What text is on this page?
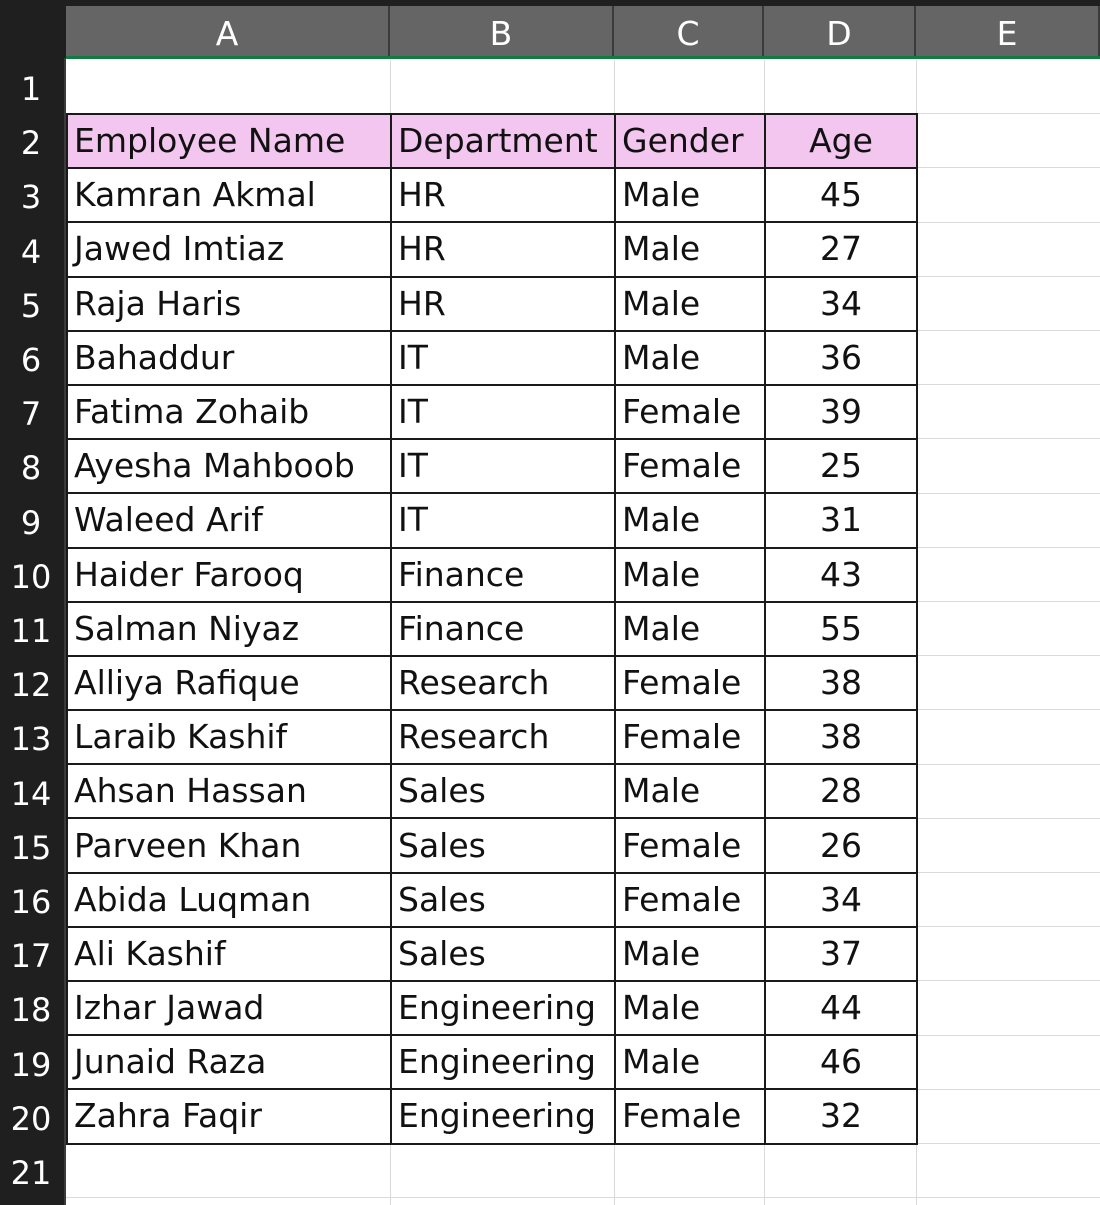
A	B	C	D	E
1
2
3
4
5
6
7
8
9
10
11
12
13
14
15
16
17
18
19
20
21
Employee Name	Department	Gender	Age
Kamran Akmal	HR	Male	45
Jawed Imtiaz	HR	Male	27
Raja Haris	HR	Male	34
Bahaddur	IT	Male	36
Fatima Zohaib	IT	Female	39
Ayesha Mahboob	IT	Female	25
Waleed Arif	IT	Male	31
Haider Farooq	Finance	Male	43
Salman Niyaz	Finance	Male	55
Alliya Rafique	Research	Female	38
Laraib Kashif	Research	Female	38
Ahsan Hassan	Sales	Male	28
Parveen Khan	Sales	Female	26
Abida Luqman	Sales	Female	34
Ali Kashif	Sales	Male	37
Izhar Jawad	Engineering	Male	44
Junaid Raza	Engineering	Male	46
Zahra Faqir	Engineering	Female	32
